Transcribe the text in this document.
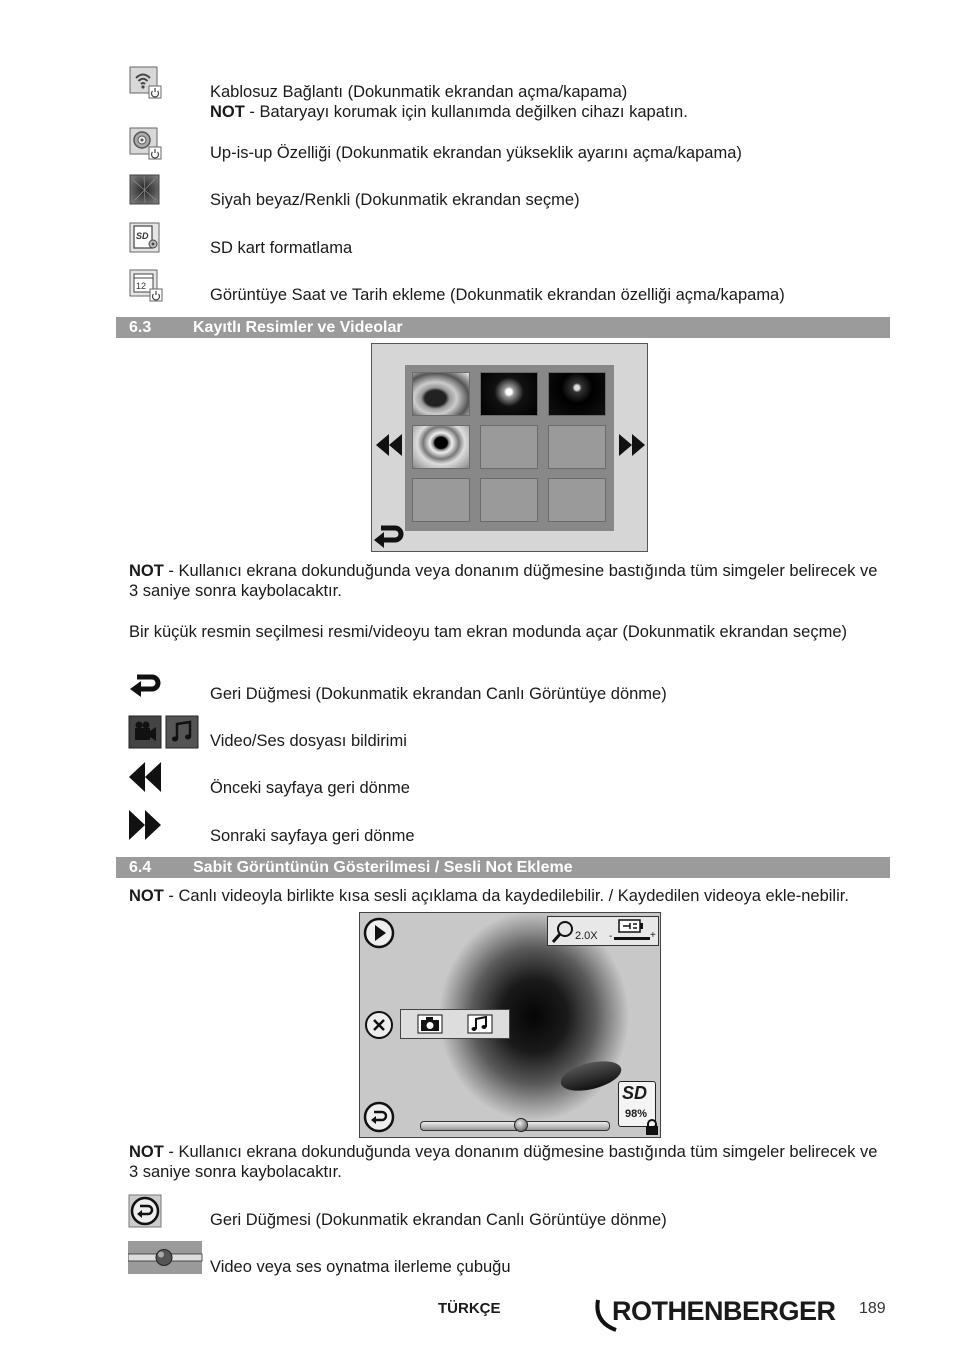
Kablosuz Bağlantı (Dokunmatik ekrandan açma/kapama)
NOT - Bataryayı korumak için kullanımda değilken cihazı kapatın.
Up-is-up Özelliği (Dokunmatik ekrandan yükseklik ayarını açma/kapama)
Siyah beyaz/Renkli (Dokunmatik ekrandan seçme)
SD
SD kart formatlama
12	Görüntüye Saat ve Tarih ekleme (Dokunmatik ekrandan özelliği açma/kapama)
6.3	Kayıtlı Resimler ve Videolar
NOT - Kullanıcı ekrana dokunduğunda veya donanım düğmesine bastığında tüm simgeler belirecek ve 3 saniye sonra kaybolacaktır.
Bir küçük resmin seçilmesi resmi/videoyu tam ekran modunda açar (Dokunmatik ekrandan seçme)
Geri Düğmesi (Dokunmatik ekrandan Canlı Görüntüye dönme)
Video/Ses dosyası bildirimi
Önceki sayfaya geri dönme
Sonraki sayfaya geri dönme
6.4	Sabit Görüntünün Gösterilmesi / Sesli Not Ekleme
NOT - Canlı videoyla birlikte kısa sesli açıklama da kaydedilebilir. / Kaydedilen videoya ekle-nebilir.
2.0X -	+
SD
98%
NOT - Kullanıcı ekrana dokunduğunda veya donanım düğmesine bastığında tüm simgeler belirecek ve 3 saniye sonra kaybolacaktır.
Geri Düğmesi (Dokunmatik ekrandan Canlı Görüntüye dönme)
Video veya ses oynatma ilerleme çubuğu
TÜRKÇE	ROTHENBERGER 189
